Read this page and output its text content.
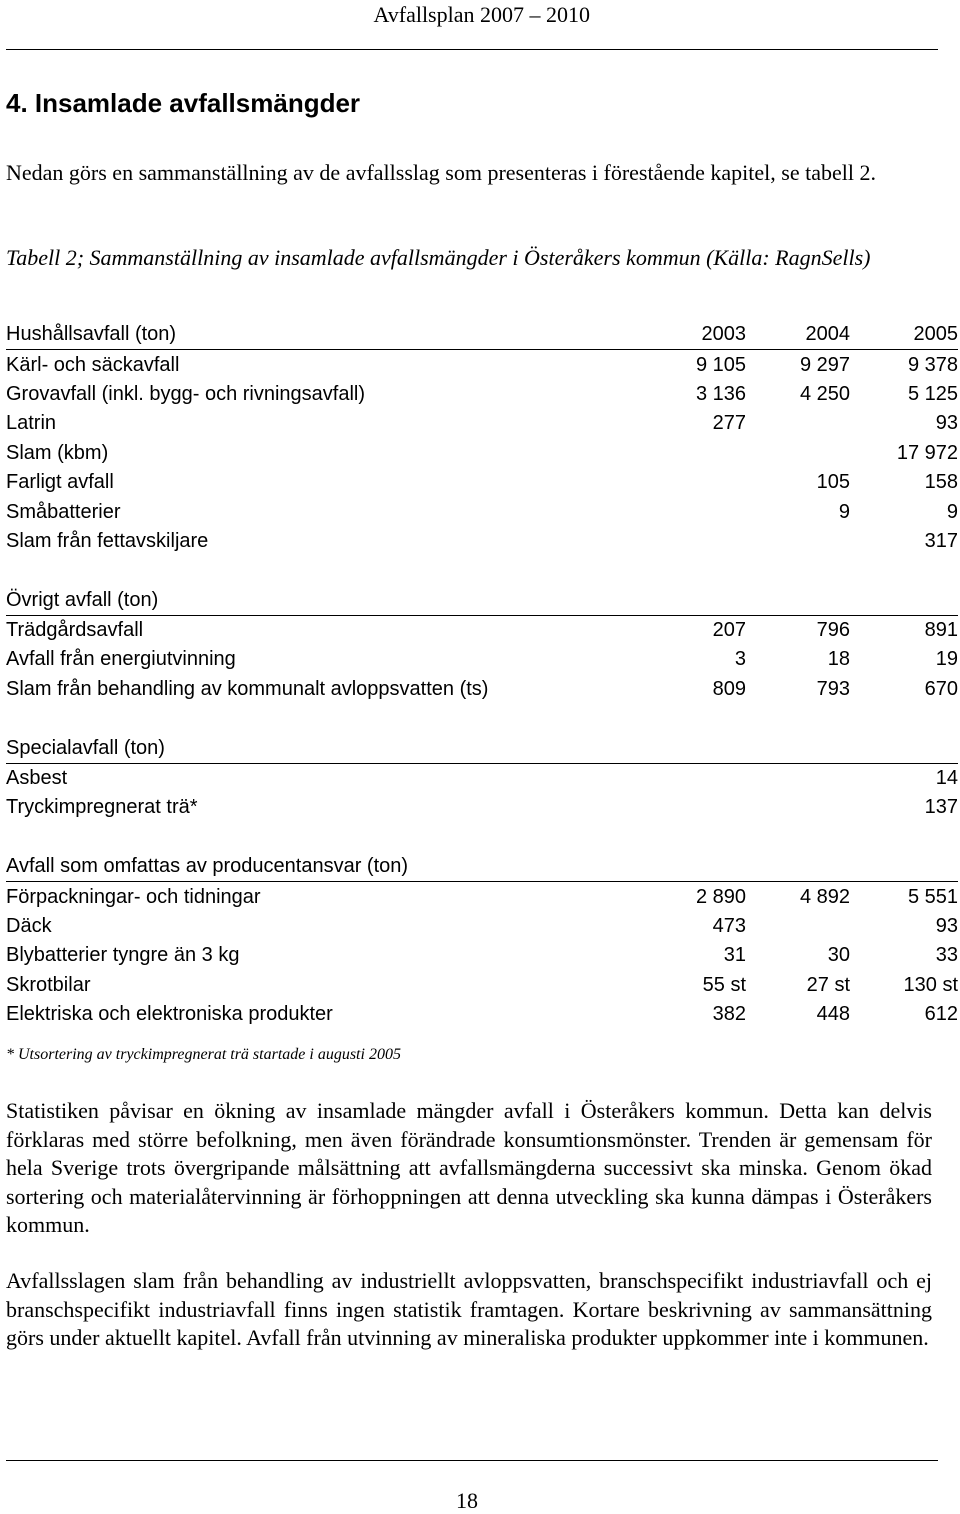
Avfallsplan 2007 – 2010
4. Insamlade avfallsmängder

Nedan görs en sammanställning av de avfallsslag som presenteras i förestående kapitel, se tabell 2.

Tabell 2; Sammanställning av insamlade avfallsmängder i Österåkers kommun (Källa: RagnSells)

Hushållsavfall (ton)	2003	2004	2005
Kärl- och säckavfall	9 105	9 297	9 378
Grovavfall (inkl. bygg- och rivningsavfall)	3 136	4 250	5 125
Latrin	277		93
Slam (kbm)			17 972
Farligt avfall		105	158
Småbatterier		9	9
Slam från fettavskiljare			317

Övrigt avfall (ton)			
Trädgårdsavfall	207	796	891
Avfall från energiutvinning	3	18	19
Slam från behandling av kommunalt avloppsvatten (ts)	809	793	670

Specialavfall (ton)			
Asbest			14
Tryckimpregnerat trä*			137

Avfall som omfattas av producentansvar (ton)			
Förpackningar- och tidningar	2 890	4 892	5 551
Däck	473		93
Blybatterier tyngre än 3 kg	31	30	33
Skrotbilar	55 st	27 st	130 st
Elektriska och elektroniska produkter	382	448	612

* Utsortering av tryckimpregnerat trä startade i augusti 2005

Statistiken påvisar en ökning av insamlade mängder avfall i Österåkers kommun. Detta kan delvis förklaras med större befolkning, men även förändrade konsumtionsmönster. Trenden är gemensam för hela Sverige trots övergripande målsättning att avfallsmängderna successivt ska minska. Genom ökad sortering och materialåtervinning är förhoppningen att denna utveckling ska kunna dämpas i Österåkers kommun.

Avfallsslagen slam från behandling av industriellt avloppsvatten, branschspecifikt industriavfall och ej branschspecifikt industriavfall finns ingen statistik framtagen. Kortare beskrivning av sammansättning görs under aktuellt kapitel. Avfall från utvinning av mineraliska produkter uppkommer inte i kommunen.

18
